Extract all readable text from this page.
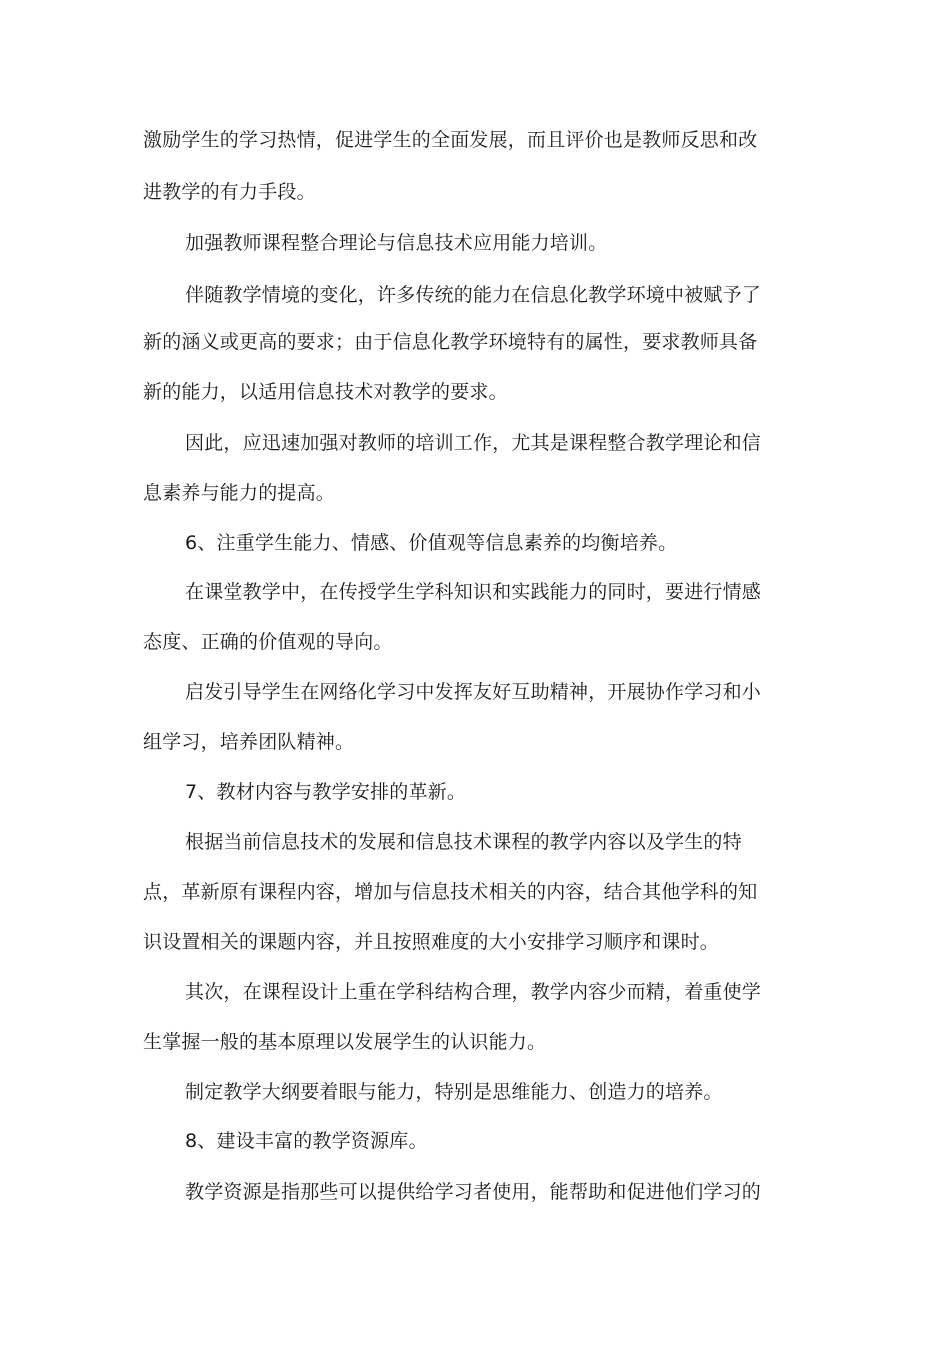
激励学生的学习热情，促进学生的全面发展，而且评价也是教师反思和改
进教学的有力手段。
加强教师课程整合理论与信息技术应用能力培训。
伴随教学情境的变化，许多传统的能力在信息化教学环境中被赋予了
新的涵义或更高的要求；由于信息化教学环境特有的属性，要求教师具备
新的能力，以适用信息技术对教学的要求。
因此，应迅速加强对教师的培训工作，尤其是课程整合教学理论和信
息素养与能力的提高。
6、注重学生能力、情感、价值观等信息素养的均衡培养。
在课堂教学中，在传授学生学科知识和实践能力的同时，要进行情感
态度、正确的价值观的导向。
启发引导学生在网络化学习中发挥友好互助精神，开展协作学习和小
组学习，培养团队精神。
7、教材内容与教学安排的革新。
根据当前信息技术的发展和信息技术课程的教学内容以及学生的特
点，革新原有课程内容，增加与信息技术相关的内容，结合其他学科的知
识设置相关的课题内容，并且按照难度的大小安排学习顺序和课时。
其次，在课程设计上重在学科结构合理，教学内容少而精，着重使学
生掌握一般的基本原理以发展学生的认识能力。
制定教学大纲要着眼与能力，特别是思维能力、创造力的培养。
8、建设丰富的教学资源库。
教学资源是指那些可以提供给学习者使用，能帮助和促进他们学习的
